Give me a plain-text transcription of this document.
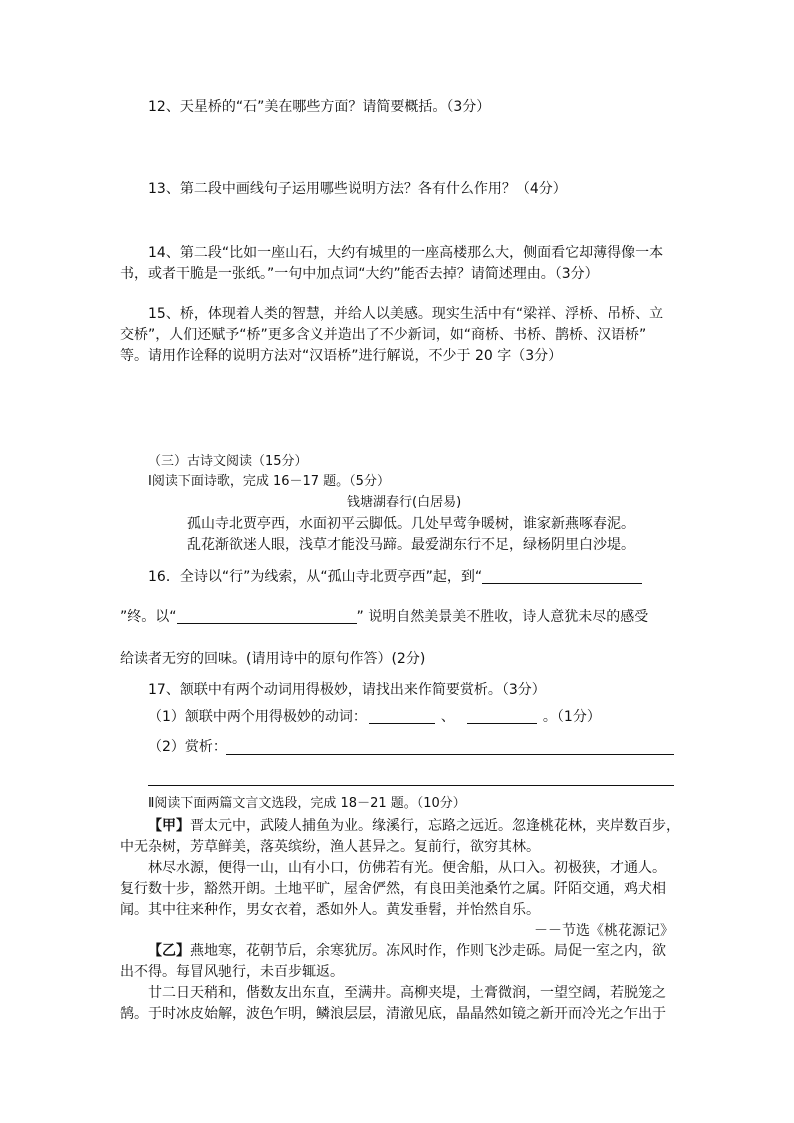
12、天星桥的“石”美在哪些方面？请简要概括。（3分）
13、第二段中画线句子运用哪些说明方法？各有什么作用？（4分）
14、第二段“比如一座山石，大约有城里的一座高楼那么大，侧面看它却薄得像一本
书，或者干脆是一张纸。”一句中加点词“大约”能否去掉？请简述理由。（3分）
15、桥，体现着人类的智慧，并给人以美感。现实生活中有“梁祥、浮桥、吊桥、立
交桥”，人们还赋予“桥”更多含义并造出了不少新词，如“商桥、书桥、鹊桥、汉语桥”
等。请用作诠释的说明方法对“汉语桥”进行解说，不少于 20 字（3分）
（三）古诗文阅读（15分）
Ⅰ阅读下面诗歌，完成 16－17 题。（5分）
钱塘湖春行(白居易)
孤山寺北贾亭西，水面初平云脚低。几处早莺争暖树，谁家新燕啄春泥。
乱花渐欲迷人眼，浅草才能没马蹄。最爱湖东行不足，绿杨阴里白沙堤。
16．全诗以“行”为线索，从“孤山寺北贾亭西”起，到“
”终。以“	” 说明自然美景美不胜收，诗人意犹未尽的感受
给读者无穷的回味。(请用诗中的原句作答）(2分)
17、颔联中有两个动词用得极妙，请找出来作简要赏析。（3分）
（1）颔联中两个用得极妙的动词：	、	。（1分）
（2）赏析：
Ⅱ阅读下面两篇文言文选段，完成 18－21 题。（10分）
【甲】晋太元中，武陵人捕鱼为业。缘溪行，忘路之远近。忽逢桃花林，夹岸数百步，
中无杂树，芳草鲜美，落英缤纷，渔人甚异之。复前行，欲穷其林。
林尽水源，便得一山，山有小口，仿佛若有光。便舍船，从口入。初极狭，才通人。
复行数十步，豁然开朗。土地平旷，屋舍俨然，有良田美池桑竹之属。阡陌交通，鸡犬相
闻。其中往来种作，男女衣着，悉如外人。黄发垂髫，并怡然自乐。
－－节选《桃花源记》
【乙】燕地寒，花朝节后，余寒犹厉。冻风时作，作则飞沙走砾。局促一室之内，欲
出不得。每冒风驰行，未百步辄返。
廿二日天稍和，偕数友出东直，至满井。高柳夹堤，土膏微润，一望空阔，若脱笼之
鹄。于时冰皮始解，波色乍明，鳞浪层层，清澈见底，晶晶然如镜之新开而冷光之乍出于
